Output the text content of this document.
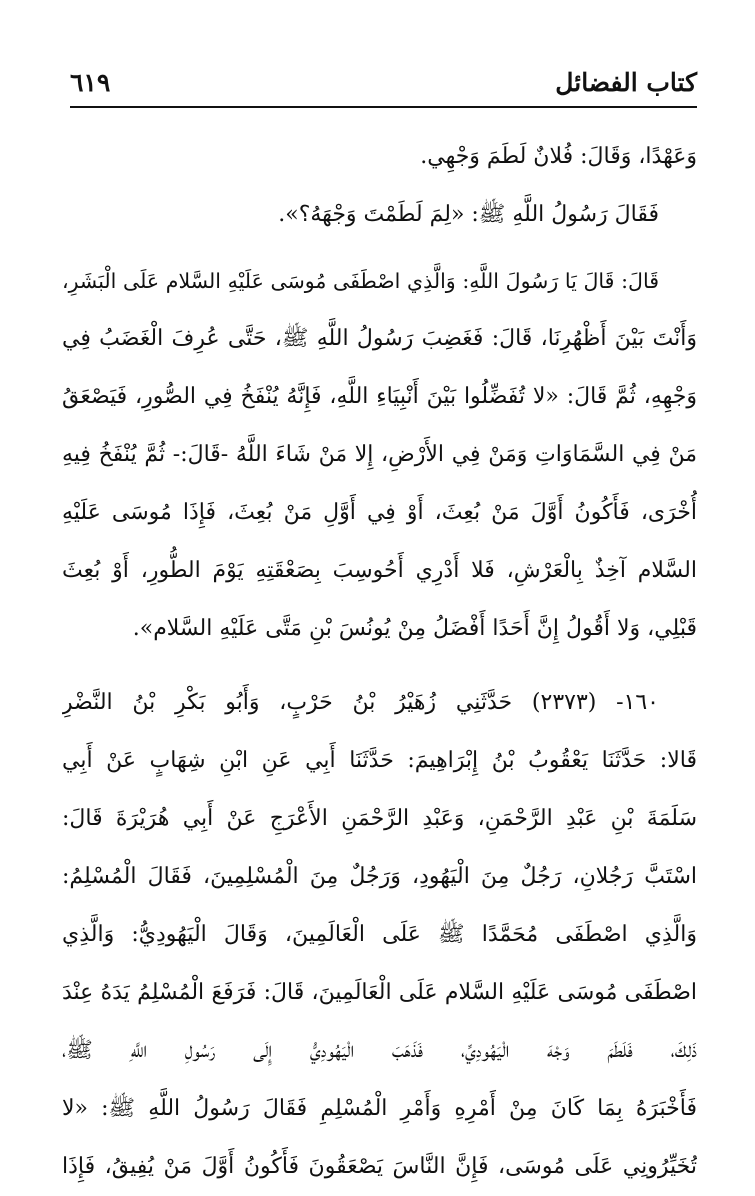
كتاب الفضائل
٦١٩
وَعَهْدًا، وَقَالَ: فُلانٌ لَطَمَ وَجْهِي.
فَقَالَ رَسُولُ اللَّهِ ﷺ: «لِمَ لَطَمْتَ وَجْهَهُ؟».
قَالَ: قَالَ يَا رَسُولَ اللَّهِ: وَالَّذِي اصْطَفَى مُوسَى عَلَيْهِ السَّلام عَلَى الْبَشَرِ،
وَأَنْتَ بَيْنَ أَظْهُرِنَا، قَالَ: فَغَضِبَ رَسُولُ اللَّهِ ﷺ، حَتَّى عُرِفَ الْغَضَبُ فِي
وَجْهِهِ، ثُمَّ قَالَ: «لا تُفَضِّلُوا بَيْنَ أَنْبِيَاءِ اللَّهِ، فَإِنَّهُ يُنْفَخُ فِي الصُّورِ، فَيَصْعَقُ
مَنْ فِي السَّمَاوَاتِ وَمَنْ فِي الأَرْضِ، إِلا مَنْ شَاءَ اللَّهُ -قَالَ:- ثُمَّ يُنْفَخُ فِيهِ
أُخْرَى، فَأَكُونُ أَوَّلَ مَنْ بُعِثَ، أَوْ فِي أَوَّلِ مَنْ بُعِثَ، فَإِذَا مُوسَى عَلَيْهِ
السَّلام آخِذٌ بِالْعَرْشِ، فَلا أَدْرِي أَحُوسِبَ بِصَعْقَتِهِ يَوْمَ الطُّورِ، أَوْ بُعِثَ
قَبْلِي، وَلا أَقُولُ إِنَّ أَحَدًا أَفْضَلُ مِنْ يُونُسَ بْنِ مَتَّى عَلَيْهِ السَّلام».
١٦٠- (٢٣٧٣) حَدَّثَنِي زُهَيْرُ بْنُ حَرْبٍ، وَأَبُو بَكْرِ بْنُ النَّضْرِ
قَالا: حَدَّثَنَا يَعْقُوبُ بْنُ إِبْرَاهِيمَ: حَدَّثَنَا أَبِي عَنِ ابْنِ شِهَابٍ عَنْ أَبِي
سَلَمَةَ بْنِ عَبْدِ الرَّحْمَنِ، وَعَبْدِ الرَّحْمَنِ الأَعْرَجِ عَنْ أَبِي هُرَيْرَةَ قَالَ:
اسْتَبَّ رَجُلانِ، رَجُلٌ مِنَ الْيَهُودِ، وَرَجُلٌ مِنَ الْمُسْلِمِينَ، فَقَالَ الْمُسْلِمُ:
وَالَّذِي اصْطَفَى مُحَمَّدًا ﷺ عَلَى الْعَالَمِينَ، وَقَالَ الْيَهُودِيُّ: وَالَّذِي
اصْطَفَى مُوسَى عَلَيْهِ السَّلام عَلَى الْعَالَمِينَ، قَالَ: فَرَفَعَ الْمُسْلِمُ يَدَهُ عِنْدَ
ذَلِكَ، فَلَطَمَ وَجْهَ الْيَهُودِيِّ، فَذَهَبَ الْيَهُودِيُّ إِلَى رَسُولِ اللَّهِ ﷺ،
فَأَخْبَرَهُ بِمَا كَانَ مِنْ أَمْرِهِ وَأَمْرِ الْمُسْلِمِ فَقَالَ رَسُولُ اللَّهِ ﷺ: «لا
تُخَيِّرُونِي عَلَى مُوسَى، فَإِنَّ النَّاسَ يَصْعَقُونَ فَأَكُونُ أَوَّلَ مَنْ يُفِيقُ، فَإِذَا
